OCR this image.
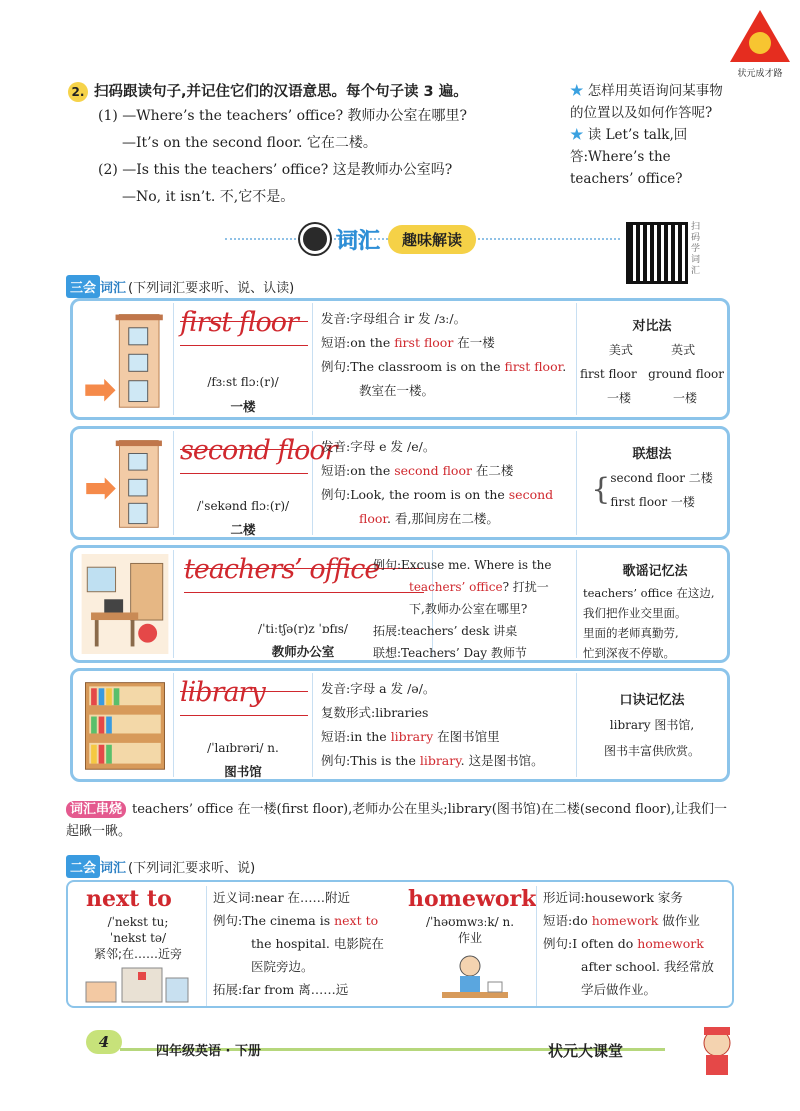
状元成才路
2. 扫码跟读句子,并记住它们的汉语意思。每个句子读 3 遍。
(1) —Where’s the teachers’ office? 教师办公室在哪里?
—It’s on the second floor. 它在二楼。
(2) —Is this the teachers’ office? 这是教师办公室吗?
—No, it isn’t. 不,它不是。
★ 怎样用英语询问某事物的位置以及如何作答呢?
★ 读 Let’s talk,回答:Where’s the teachers’ office?
词汇	趣味解读
扫码学词汇
三会 词汇 (下列词汇要求听、说、认读)
first floor
/fɜːst flɔː(r)/
一楼
发音:字母组合 ir 发 /ɜː/。
短语:on the first floor 在一楼
例句:The classroom is on the first floor.
教室在一楼。
对比法
美式          英式
first floor   ground floor
一楼           一楼
second floor
/ˈsekənd flɔː(r)/
二楼
发音:字母 e 发 /e/。
短语:on the second floor 在二楼
例句:Look, the room is on the second
floor. 看,那间房在二楼。
联想法
{ second floor 二楼
first floor 一楼
teachers’ office
/ˈtiːtʃə(r)z ˈɒfɪs/
教师办公室
例句:Excuse me. Where is the
teachers’ office? 打扰一
下,教师办公室在哪里?
拓展:teachers’ desk 讲桌
联想:Teachers’ Day 教师节
歌谣记忆法
teachers’ office 在这边,
我们把作业交里面。
里面的老师真勤劳,
忙到深夜不停歇。
library
/ˈlaɪbrəri/ n.
图书馆
发音:字母 a 发 /ə/。
复数形式:libraries
短语:in the library 在图书馆里
例句:This is the library. 这是图书馆。
口诀记忆法
library 图书馆,
图书丰富供欣赏。
词汇串烧 teachers’ office 在一楼(first floor),老师办公在里头;library(图书馆)在二楼(second floor),让我们一起瞅一瞅。
二会 词汇 (下列词汇要求听、说)
next to
/ˈnekst tu;
ˈnekst tə/
紧邻;在……近旁
近义词:near 在……附近
例句:The cinema is next to
the hospital. 电影院在
医院旁边。
拓展:far from 离……远
homework
/ˈhəʊmwɜːk/ n.
作业
形近词:housework 家务
短语:do homework 做作业
例句:I often do homework
after school. 我经常放
学后做作业。
4
四年级英语 · 下册	状元大课堂
